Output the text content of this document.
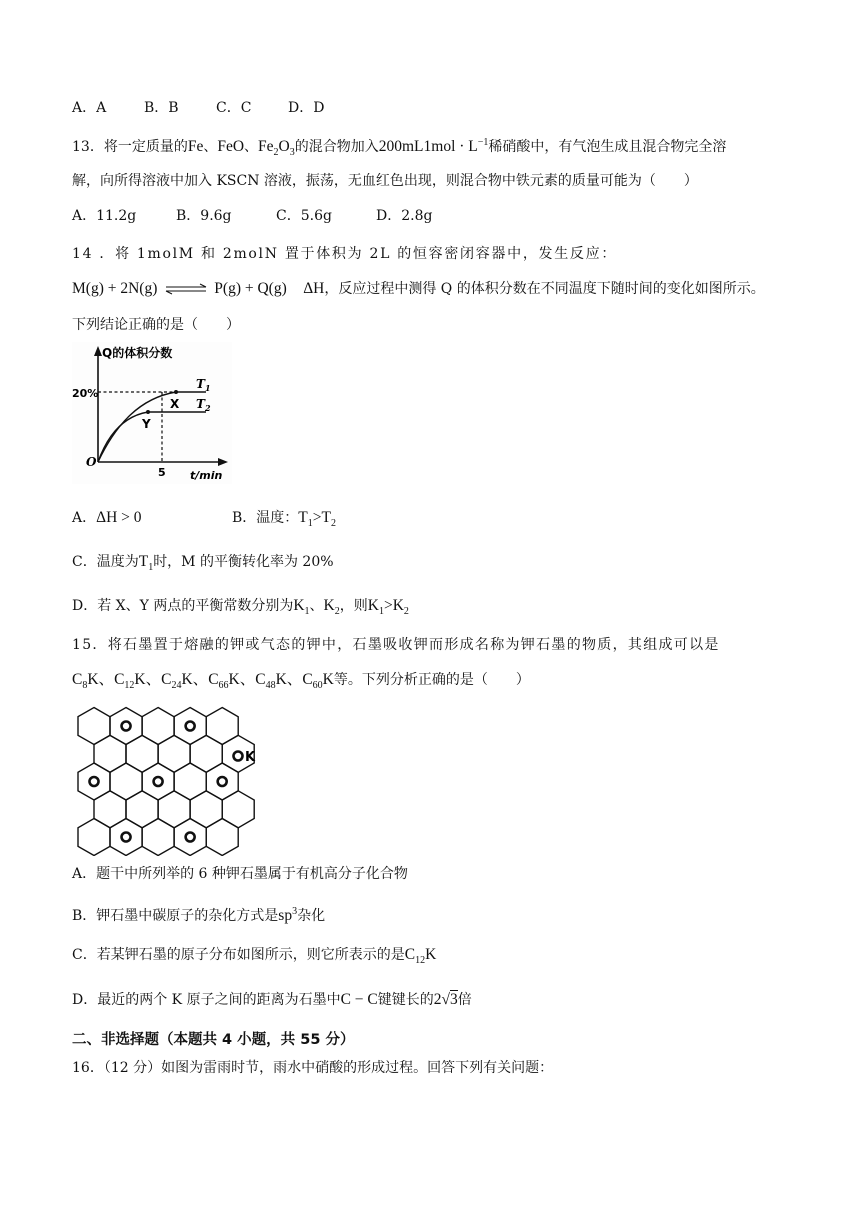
A．A	B．B	C．C	D．D
13．将一定质量的Fe、FeO、$Fe_2O_3$的混合物加入$200mL1mol \cdot L^{-1}$稀硝酸中，有气泡生成且混合物完全溶
解，向所得溶液中加入 KSCN 溶液，振荡，无血红色出现，则混合物中铁元素的质量可能为（　　）
A．11.2g	B．9.6g	C．5.6g	D．2.8g
14 ．将 1molM 和 2molN 置于体积为 2L 的恒容密闭容器中，发生反应：
M(g) + 2N(g) ⇌ P(g) + Q(g) ΔH，反应过程中测得 Q 的体积分数在不同温度下随时间的变化如图所示。
下列结论正确的是（　　）
Q的体积分数
20%
O
5 t/min
X
Y
$T_1$
$T_2$
A．ΔH > 0	B．温度：$T_1>T_2$
C．温度为$T_1$时，M 的平衡转化率为 20%
D．若 X、Y 两点的平衡常数分别为$K_1$、$K_2$，则$K_1>K_2$
15．将石墨置于熔融的钾或气态的钾中，石墨吸收钾而形成名称为钾石墨的物质，其组成可以是
$C_8K$、$C_{12}K$、$C_{24}K$、$C_{66}K$、$C_{48}K$、$C_{60}K$等。下列分析正确的是（　　）
K
A．题干中所列举的 6 种钾石墨属于有机高分子化合物
B．钾石墨中碳原子的杂化方式是$sp^3$杂化
C．若某钾石墨的原子分布如图所示，则它所表示的是$C_{12}K$
D．最近的两个 K 原子之间的距离为石墨中C − C键键长的2√3倍
二、非选择题（本题共 4 小题，共 55 分）
16．（12 分）如图为雷雨时节，雨水中硝酸的形成过程。回答下列有关问题：
